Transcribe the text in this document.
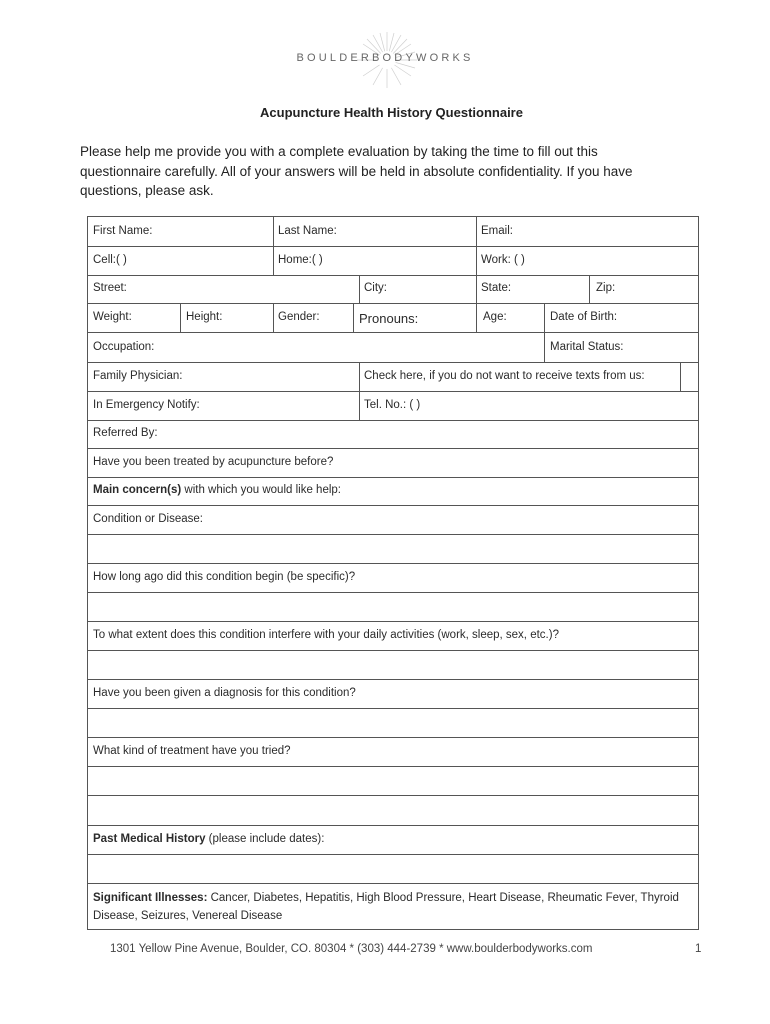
BOULDERBODYWORKS
Acupuncture Health History Questionnaire

Please help me provide you with a complete evaluation by taking the time to fill out this questionnaire carefully. All of your answers will be held in absolute confidentiality. If you have questions, please ask.

First Name:	Last Name:	Email:
Cell:( )	Home:( )	Work: ( )
Street:	City:	State:	Zip:
Weight:	Height:	Gender:	Pronouns:	Age:	Date of Birth:
Occupation:	Marital Status:
Family Physician:	Check here, if you do not want to receive texts from us:
In Emergency Notify:	Tel. No.: ( )
Referred By:
Have you been treated by acupuncture before?
Main concern(s) with which you would like help:
Condition or Disease:
How long ago did this condition begin (be specific)?
To what extent does this condition interfere with your daily activities (work, sleep, sex, etc.)?
Have you been given a diagnosis for this condition?
What kind of treatment have you tried?
Past Medical History (please include dates):
Significant Illnesses: Cancer, Diabetes, Hepatitis, High Blood Pressure, Heart Disease, Rheumatic Fever, Thyroid Disease, Seizures, Venereal Disease
1301 Yellow Pine Avenue, Boulder, CO. 80304 * (303) 444-2739 * www.boulderbodyworks.com	1
